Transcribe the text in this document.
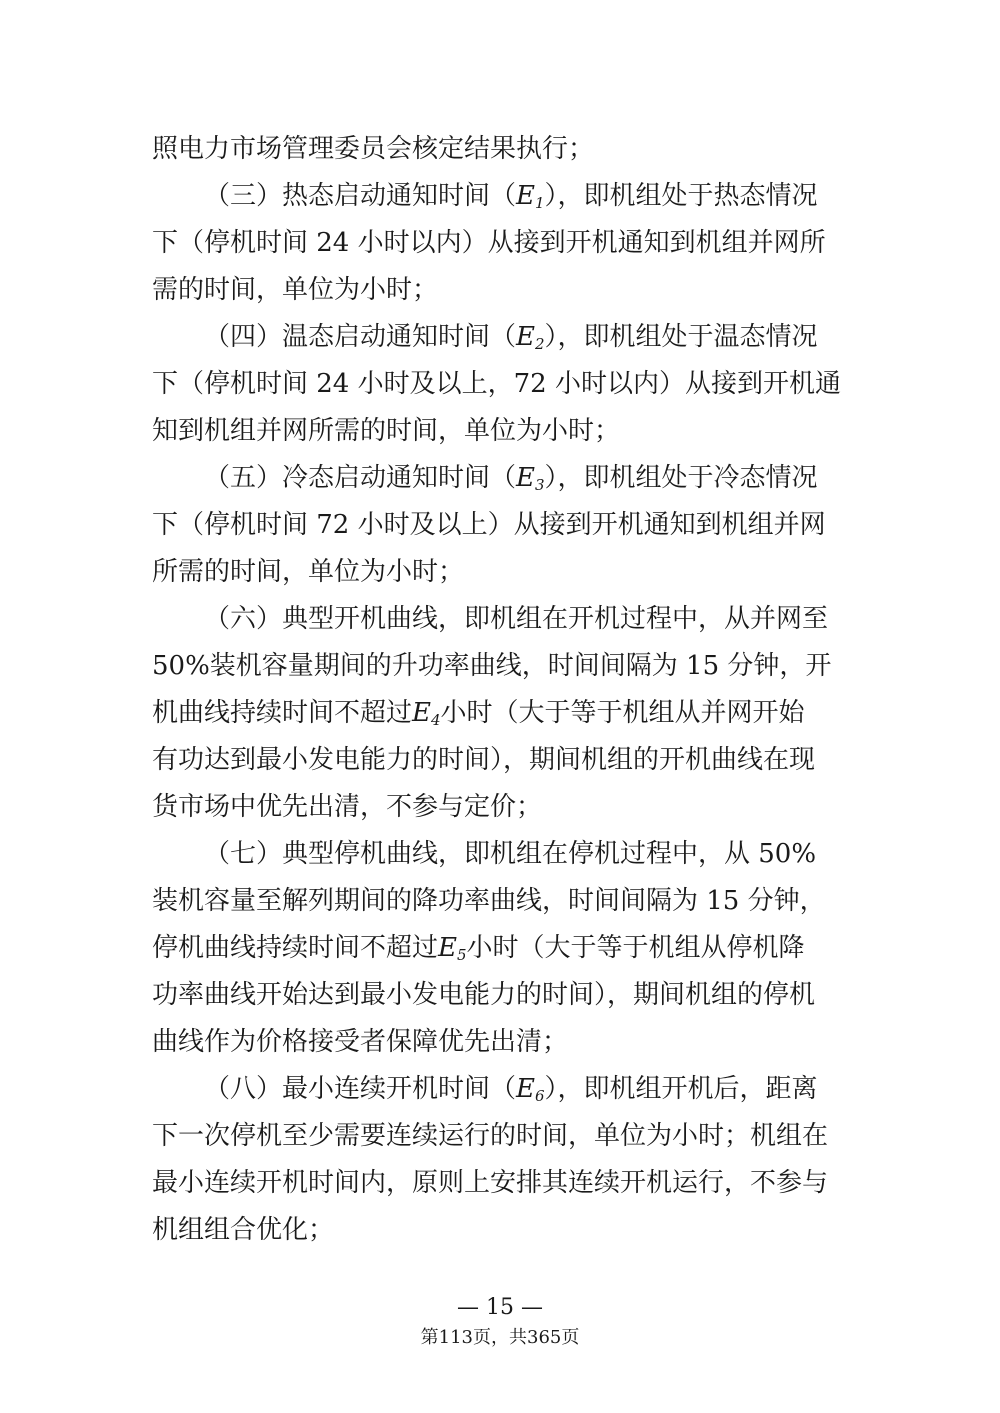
照电力市场管理委员会核定结果执行；
（三）热态启动通知时间$(E_1)$，即机组处于热态情况
下（停机时间 24 小时以内）从接到开机通知到机组并网所
需的时间，单位为小时；
（四）温态启动通知时间$(E_2)$，即机组处于温态情况
下（停机时间 24 小时及以上，72 小时以内）从接到开机通
知到机组并网所需的时间，单位为小时；
（五）冷态启动通知时间$(E_3)$，即机组处于冷态情况
下（停机时间 72 小时及以上）从接到开机通知到机组并网
所需的时间，单位为小时；
（六）典型开机曲线，即机组在开机过程中，从并网至
50%装机容量期间的升功率曲线，时间间隔为 15 分钟，开
机曲线持续时间不超过$E_4$小时（大于等于机组从并网开始
有功达到最小发电能力的时间），期间机组的开机曲线在现
货市场中优先出清，不参与定价；
（七）典型停机曲线，即机组在停机过程中，从 50%
装机容量至解列期间的降功率曲线，时间间隔为 15 分钟，
停机曲线持续时间不超过$E_5$小时（大于等于机组从停机降
功率曲线开始达到最小发电能力的时间），期间机组的停机
曲线作为价格接受者保障优先出清；
（八）最小连续开机时间$(E_6)$，即机组开机后，距离
下一次停机至少需要连续运行的时间，单位为小时；机组在
最小连续开机时间内，原则上安排其连续开机运行，不参与
机组组合优化；
— 15 —
第113页，共365页
